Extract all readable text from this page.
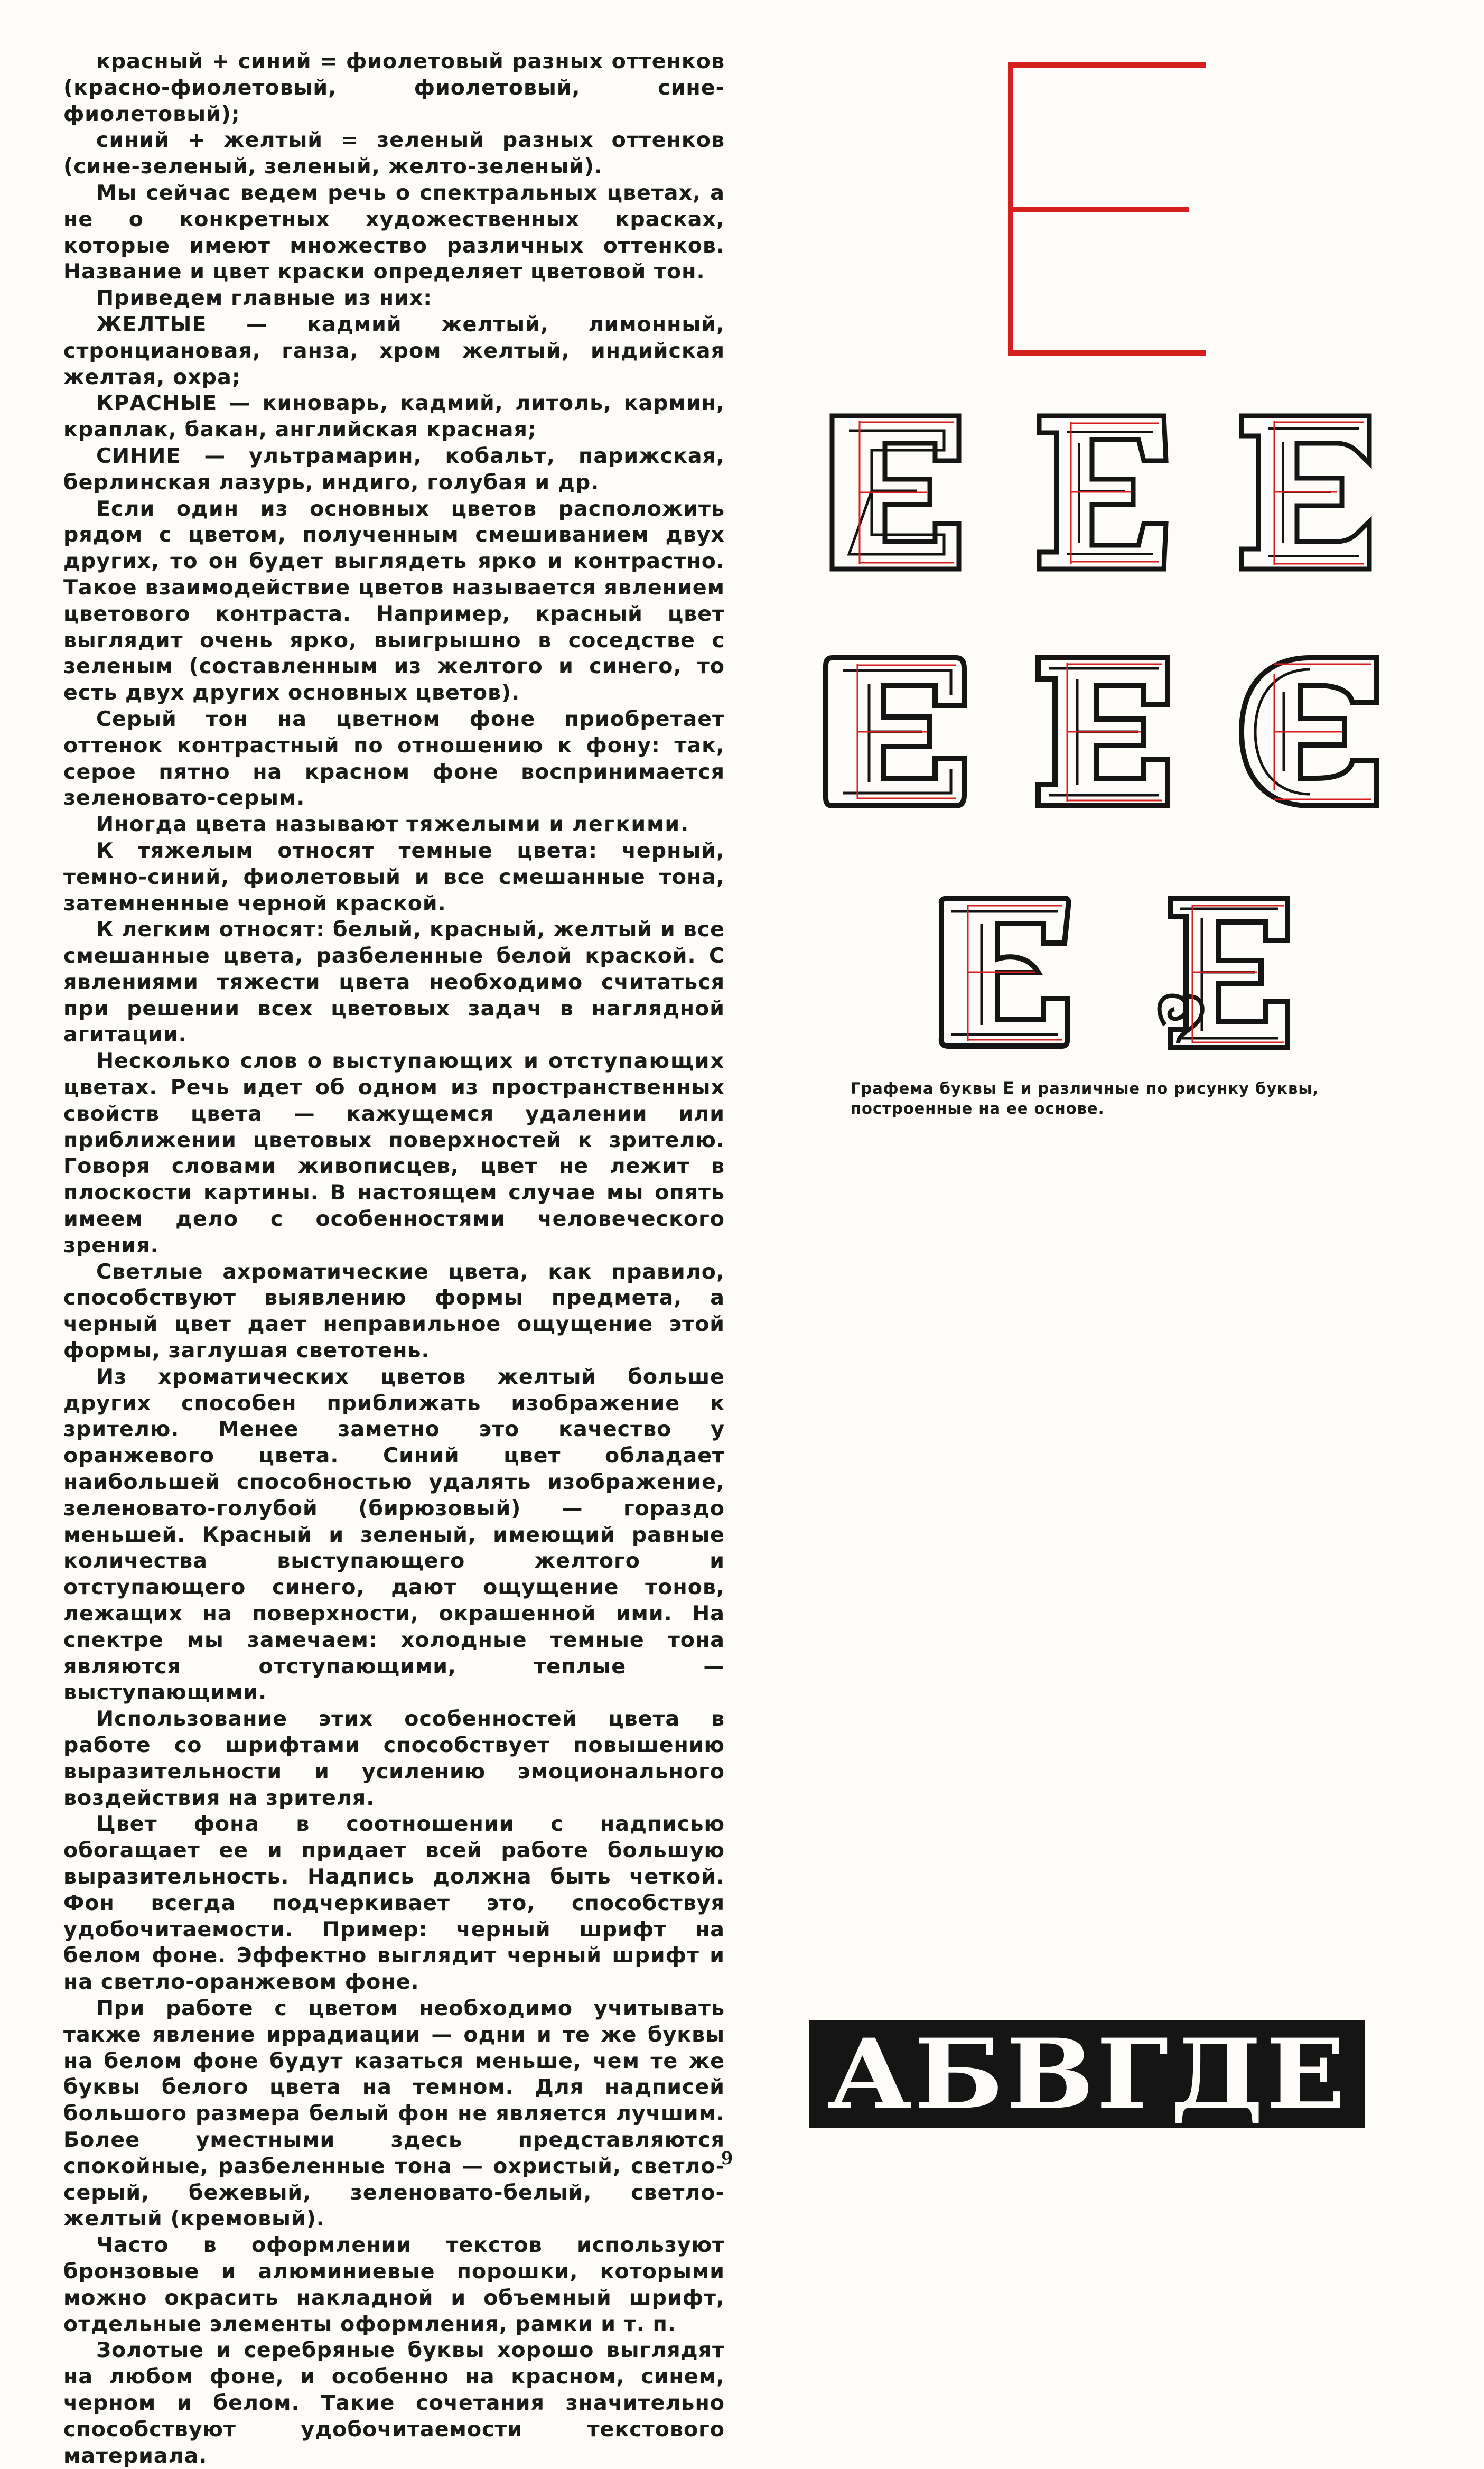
красный + синий = фиолетовый разных оттенков (красно-фиолетовый, фиолетовый, сине-фиолетовый);

синий + желтый = зеленый разных оттенков (сине-зеленый, зеленый, желто-зеленый).

Мы сейчас ведем речь о спектральных цветах, а не о конкретных художественных красках, которые имеют множество различных оттенков. Название и цвет краски определяет цветовой тон.

Приведем главные из них:

ЖЕЛТЫЕ — кадмий желтый, лимонный, стронциановая, ганза, хром желтый, индийская желтая, охра;

КРАСНЫЕ — киноварь, кадмий, литоль, кармин, краплак, бакан, английская красная;

СИНИЕ — ультрамарин, кобальт, парижская, берлинская лазурь, индиго, голубая и др.

Если один из основных цветов расположить рядом с цветом, полученным смешиванием двух других, то он будет выглядеть ярко и контрастно. Такое взаимодействие цветов называется явлением цветового контраста. Например, красный цвет выглядит очень ярко, выигрышно в соседстве с зеленым (составленным из желтого и синего, то есть двух других основных цветов).

Серый тон на цветном фоне приобретает оттенок контрастный по отношению к фону: так, серое пятно на красном фоне воспринимается зеленовато-серым.

Иногда цвета называют тяжелыми и легкими.

К тяжелым относят темные цвета: черный, темно-синий, фиолетовый и все смешанные тона, затемненные черной краской.

К легким относят: белый, красный, желтый и все смешанные цвета, разбеленные белой краской. С явлениями тяжести цвета необходимо считаться при решении всех цветовых задач в наглядной агитации.

Несколько слов о выступающих и отступающих цветах. Речь идет об одном из пространственных свойств цвета — кажущемся удалении или приближении цветовых поверхностей к зрителю. Говоря словами живописцев, цвет не лежит в плоскости картины. В настоящем случае мы опять имеем дело с особенностями человеческого зрения.

Светлые ахроматические цвета, как правило, способствуют выявлению формы предмета, а черный цвет дает неправильное ощущение этой формы, заглушая светотень.

Из хроматических цветов желтый больше других способен приближать изображение к зрителю. Менее заметно это качество у оранжевого цвета. Синий цвет обладает наибольшей способностью удалять изображение, зеленовато-голубой (бирюзовый) — гораздо меньшей. Красный и зеленый, имеющий равные количества выступающего желтого и отступающего синего, дают ощущение тонов, лежащих на поверхности, окрашенной ими. На спектре мы замечаем: холодные темные тона являются отступающими, теплые — выступающими.

Использование этих особенностей цвета в работе со шрифтами способствует повышению выразительности и усилению эмоционального воздействия на зрителя.

Цвет фона в соотношении с надписью обогащает ее и придает всей работе большую выразительность. Надпись должна быть четкой. Фон всегда подчеркивает это, способствуя удобочитаемости. Пример: черный шрифт на белом фоне. Эффектно выглядит черный шрифт и на светло-оранжевом фоне.

При работе с цветом необходимо учитывать также явление иррадиации — одни и те же буквы на белом фоне будут казаться меньше, чем те же буквы белого цвета на темном. Для надписей большого размера белый фон не является лучшим. Более уместными здесь представляются спокойные, разбеленные тона — охристый, светло-серый, бежевый, зеленовато-белый, светло-желтый (кремовый).

Часто в оформлении текстов используют бронзовые и алюминиевые порошки, которыми можно окрасить накладной и объемный шрифт, отдельные элементы оформления, рамки и т. п.

Золотые и серебряные буквы хорошо выглядят на любом фоне, и особенно на красном, синем, черном и белом. Такие сочетания значительно способствуют удобочитаемости текстового материала.

Графема буквы Е и различные по рисунку буквы, построенные на ее основе.
АБВГДЕ
9
